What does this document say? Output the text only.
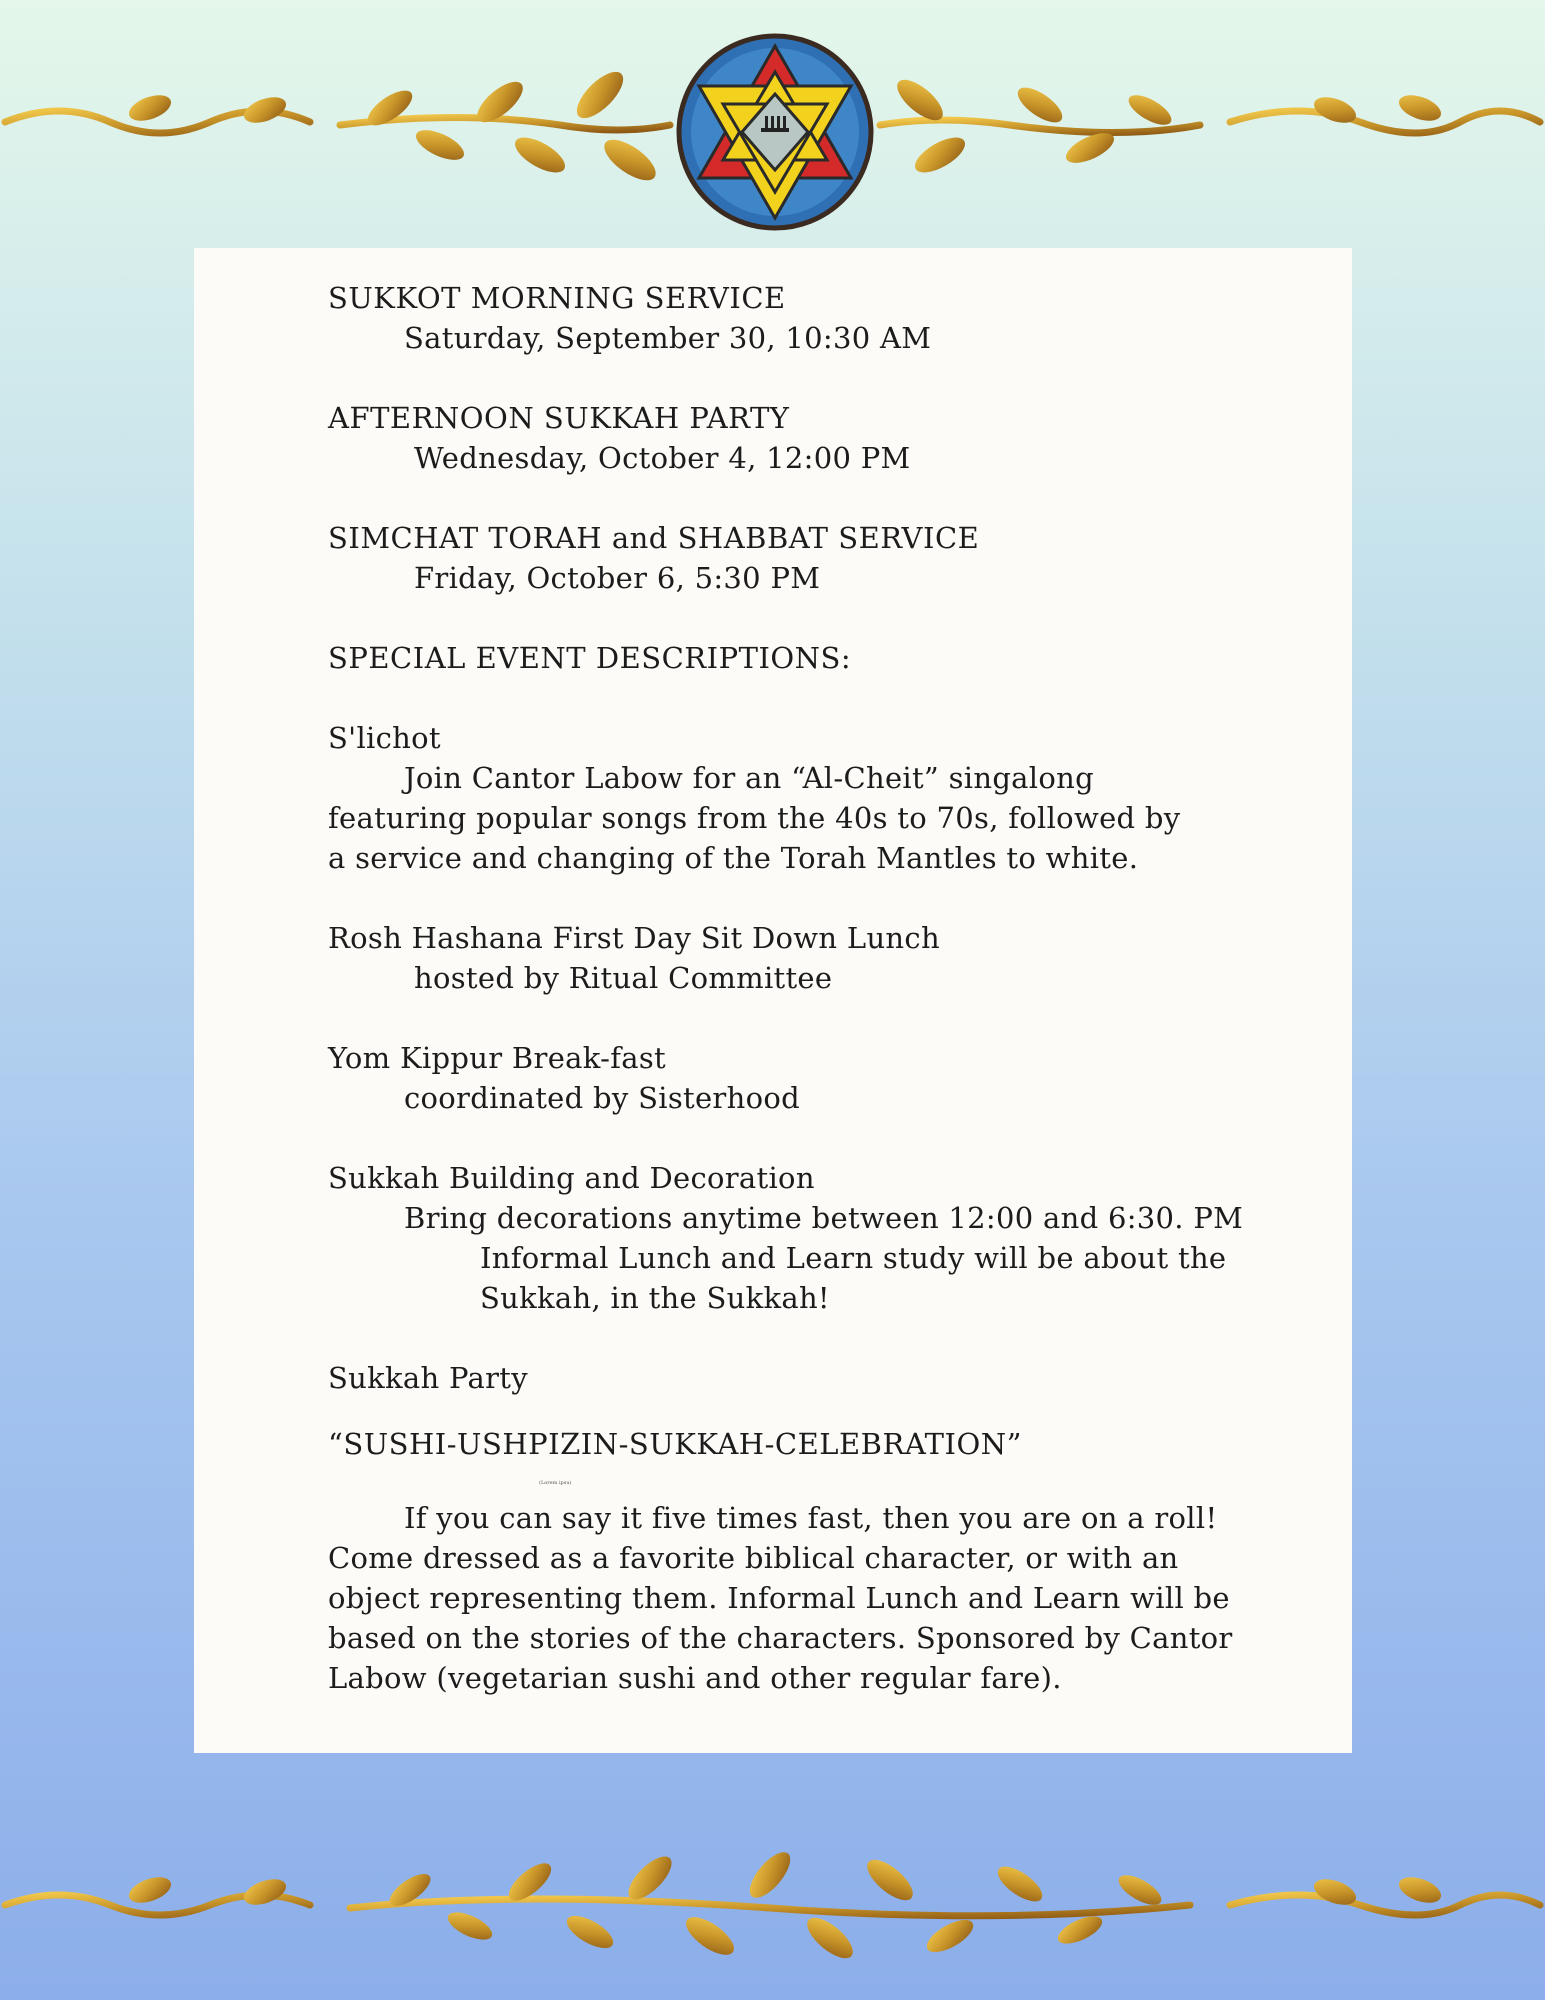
SUKKOT MORNING SERVICE

Saturday, September 30, 10:30 AM

AFTERNOON SUKKAH PARTY

Wednesday, October 4, 12:00 PM

SIMCHAT TORAH and SHABBAT SERVICE

Friday, October 6, 5:30 PM

SPECIAL EVENT DESCRIPTIONS:

S'lichot

Join Cantor Labow for an “Al-Cheit” singalong

featuring popular songs from the 40s to 70s, followed by

a service and changing of the Torah Mantles to white.

Rosh Hashana First Day Sit Down Lunch

hosted by Ritual Committee

Yom Kippur Break-fast

coordinated by Sisterhood

Sukkah Building and Decoration

Bring decorations anytime between 12:00 and 6:30. PM

Informal Lunch and Learn study will be about the

Sukkah, in the Sukkah!

Sukkah Party

“SUSHI-USHPIZIN-SUKKAH-CELEBRATION”

If you can say it five times fast, then you are on a roll!

Come dressed as a favorite biblical character, or with an

object representing them. Informal Lunch and Learn will be

based on the stories of the characters. Sponsored by Cantor

Labow (vegetarian sushi and other regular fare).

(Lorem ipsu)
